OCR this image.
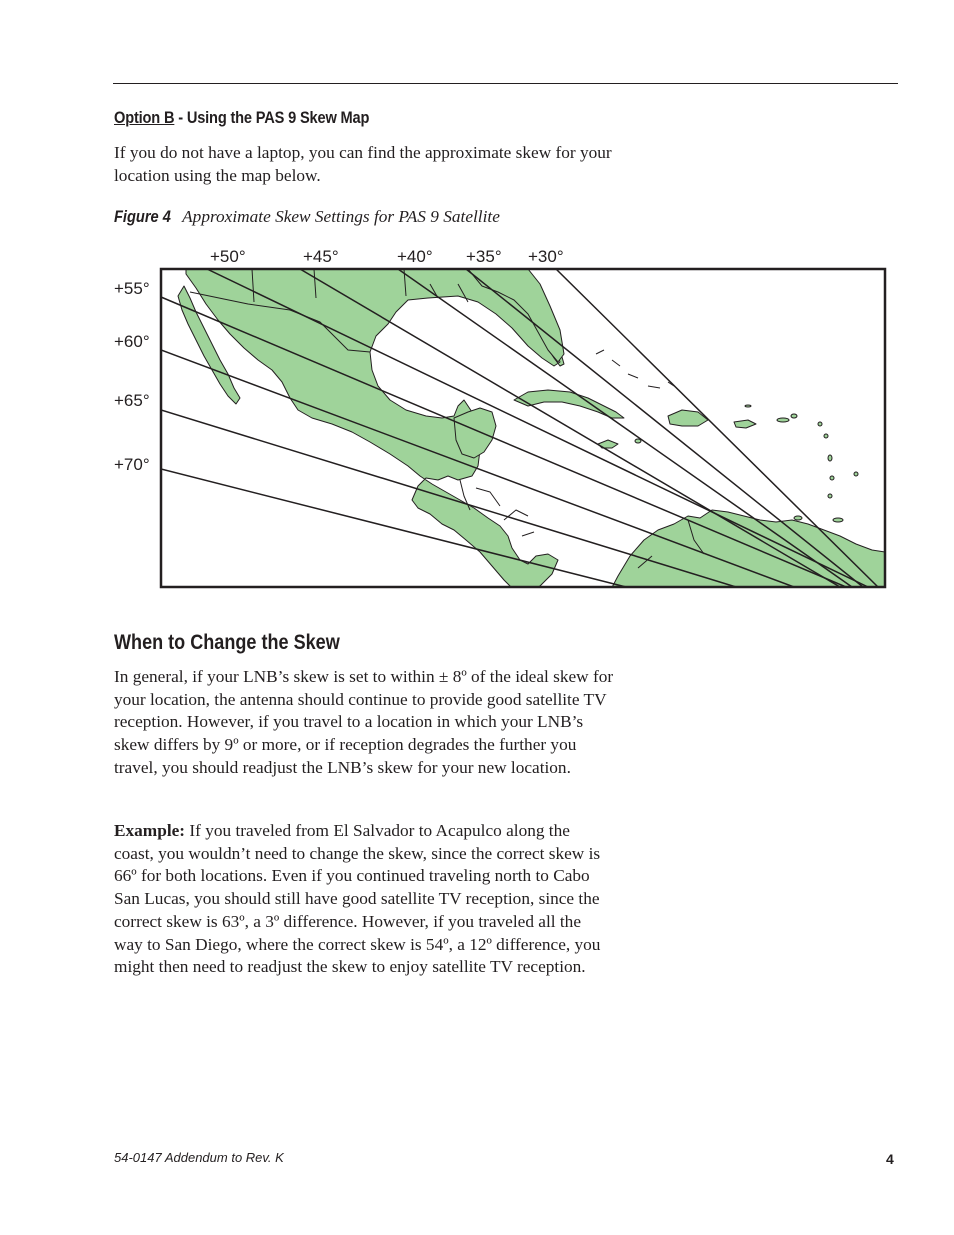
Option B - Using the PAS 9 Skew Map
If you do not have a laptop, you can find the approximate skew for your location using the map below.
Figure 4 Approximate Skew Settings for PAS 9 Satellite
+50°	+45°	+40° +35° +30°
+55°
+60°
+65°
+70°
When to Change the Skew
In general, if your LNB’s skew is set to within ± 8º of the ideal skew for your location, the antenna should continue to provide good satellite TV reception. However, if you travel to a location in which your LNB’s skew differs by 9º or more, or if reception degrades the further you travel, you should readjust the LNB’s skew for your new location.
Example: If you traveled from El Salvador to Acapulco along the coast, you wouldn’t need to change the skew, since the correct skew is 66º for both locations. Even if you continued traveling north to Cabo San Lucas, you should still have good satellite TV reception, since the correct skew is 63º, a 3º difference. However, if you traveled all the way to San Diego, where the correct skew is 54º, a 12º difference, you might then need to readjust the skew to enjoy satellite TV reception.
54-0147 Addendum to Rev. K	4
